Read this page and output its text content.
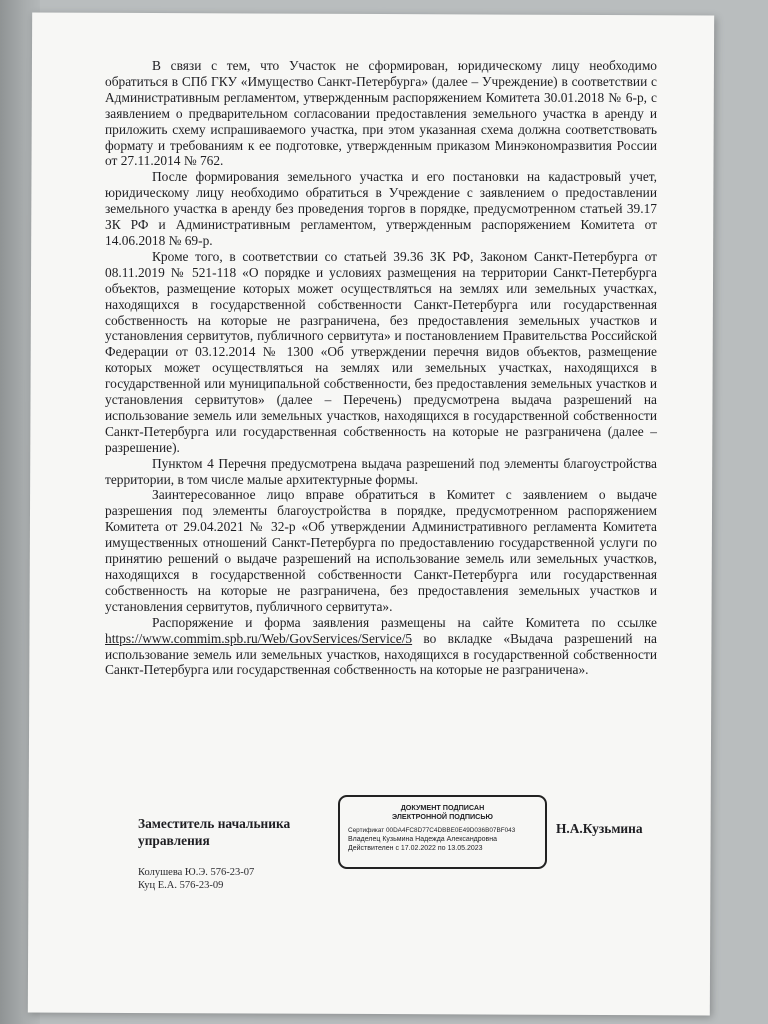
В связи с тем, что Участок не сформирован, юридическому лицу необходимо обратиться в СПб ГКУ «Имущество Санкт-Петербурга» (далее – Учреждение) в соответствии с Административным регламентом, утвержденным распоряжением Комитета 30.01.2018 № 6-р, с заявлением о предварительном согласовании предоставления земельного участка в аренду и приложить схему испрашиваемого участка, при этом указанная схема должна соответствовать формату и требованиям к ее подготовке, утвержденным приказом Минэкономразвития России от 27.11.2014 № 762.

После формирования земельного участка и его постановки на кадастровый учет, юридическому лицу необходимо обратиться в Учреждение с заявлением о предоставлении земельного участка в аренду без проведения торгов в порядке, предусмотренном статьей 39.17 ЗК РФ и Административным регламентом, утвержденным распоряжением Комитета от 14.06.2018 № 69-р.

Кроме того, в соответствии со статьей 39.36 ЗК РФ, Законом Санкт-Петербурга от 08.11.2019 № 521-118 «О порядке и условиях размещения на территории Санкт-Петербурга объектов, размещение которых может осуществляться на землях или земельных участках, находящихся в государственной собственности Санкт-Петербурга или государственная собственность на которые не разграничена, без предоставления земельных участков и установления сервитутов, публичного сервитута» и постановлением Правительства Российской Федерации от 03.12.2014 № 1300 «Об утверждении перечня видов объектов, размещение которых может осуществляться на землях или земельных участках, находящихся в государственной или муниципальной собственности, без предоставления земельных участков и установления сервитутов» (далее – Перечень) предусмотрена выдача разрешений на использование земель или земельных участков, находящихся в государственной собственности Санкт-Петербурга или государственная собственность на которые не разграничена (далее – разрешение).

Пунктом 4 Перечня предусмотрена выдача разрешений под элементы благоустройства территории, в том числе малые архитектурные формы.

Заинтересованное лицо вправе обратиться в Комитет с заявлением о выдаче разрешения под элементы благоустройства в порядке, предусмотренном распоряжением Комитета от 29.04.2021 № 32-р «Об утверждении Административного регламента Комитета имущественных отношений Санкт-Петербурга по предоставлению государственной услуги по принятию решений о выдаче разрешений на использование земель или земельных участков, находящихся в государственной собственности Санкт-Петербурга или государственная собственность на которые не разграничена, без предоставления земельных участков и установления сервитутов, публичного сервитута».

Распоряжение и форма заявления размещены на сайте Комитета по ссылке https://www.commim.spb.ru/Web/GovServices/Service/5 во вкладке «Выдача разрешений на использование земель или земельных участков, находящихся в государственной собственности Санкт-Петербурга или государственная собственность на которые не разграничена».

Заместитель начальника управления
ДОКУМЕНТ ПОДПИСАН
ЭЛЕКТРОННОЙ ПОДПИСЬЮ
Сертификат 00DA4FC8D77C4DBBE0E49D036B07BF043
Владелец Кузьмина Надежда Александровна
Действителен с 17.02.2022 по 13.05.2023
Н.А.Кузьмина
Колушева Ю.Э. 576-23-07
Куц Е.А. 576-23-09
